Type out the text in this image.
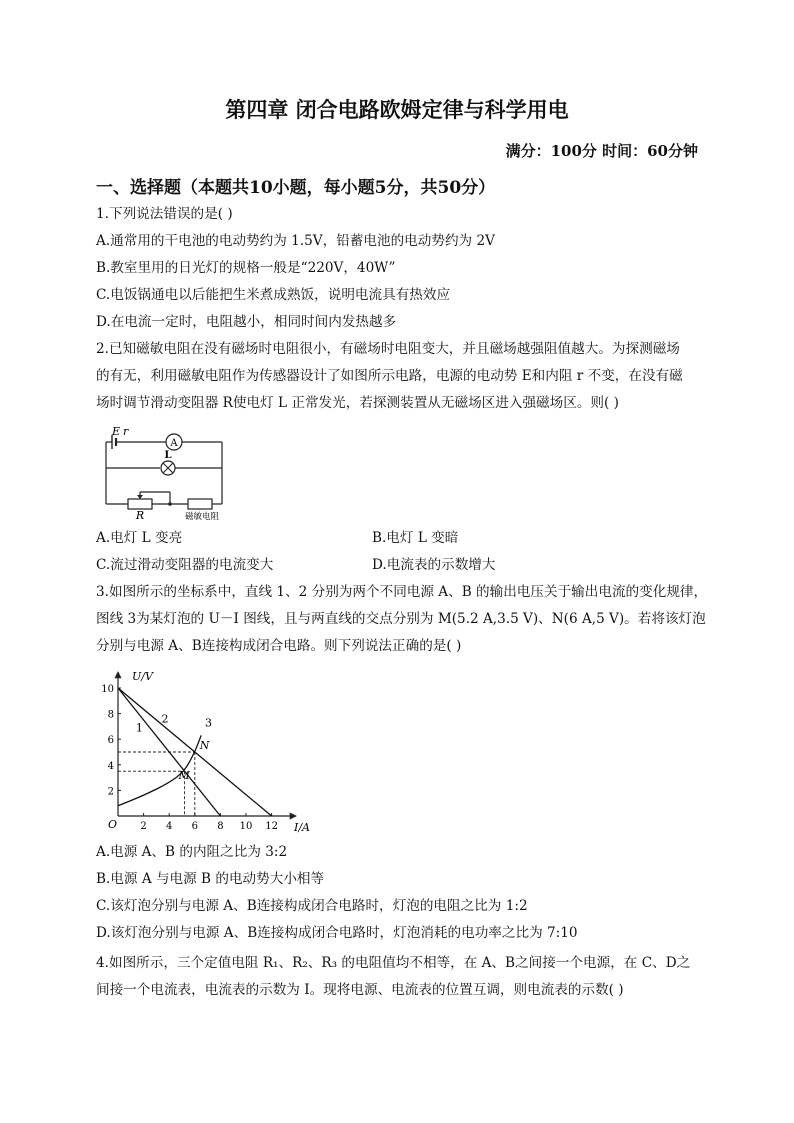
第四章 闭合电路欧姆定律与科学用电
满分：100分 时间：60分钟
一、选择题（本题共10小题，每小题5分，共50分）
1.下列说法错误的是( )
A.通常用的干电池的电动势约为 1.5V，铅蓄电池的电动势约为 2V
B.教室里用的日光灯的规格一般是“220V，40W”
C.电饭锅通电以后能把生米煮成熟饭，说明电流具有热效应
D.在电流一定时，电阻越小，相同时间内发热越多
2.已知磁敏电阻在没有磁场时电阻很小，有磁场时电阻变大，并且磁场越强阻值越大。为探测磁场
的有无，利用磁敏电阻作为传感器设计了如图所示电路，电源的电动势 E和内阻 r 不变，在没有磁
场时调节滑动变阻器 R使电灯 L 正常发光，若探测装置从无磁场区进入强磁场区。则( )
E r
A
L
R	磁敏电阻
A.电灯 L 变亮	B.电灯 L 变暗
C.流过滑动变阻器的电流变大	D.电流表的示数增大
3.如图所示的坐标系中，直线 1、2 分别为两个不同电源 A、B 的输出电压关于输出电流的变化规律，
图线 3为某灯泡的 U－I 图线，且与两直线的交点分别为 M(5.2 A,3.5 V)、N(6 A,5 V)。若将该灯泡
分别与电源 A、B连接构成闭合电路。则下列说法正确的是( )
U/V
I/A
O 2 4 6 8 10 12
2
4
6
8
10
1
2	3
M
N
A.电源 A、B 的内阻之比为 3:2
B.电源 A 与电源 B 的电动势大小相等
C.该灯泡分别与电源 A、B连接构成闭合电路时，灯泡的电阻之比为 1:2
D.该灯泡分别与电源 A、B连接构成闭合电路时，灯泡消耗的电功率之比为 7:10
4.如图所示，三个定值电阻 R₁、R₂、R₃ 的电阻值均不相等，在 A、B之间接一个电源，在 C、D之
间接一个电流表，电流表的示数为 I。现将电源、电流表的位置互调，则电流表的示数( )
